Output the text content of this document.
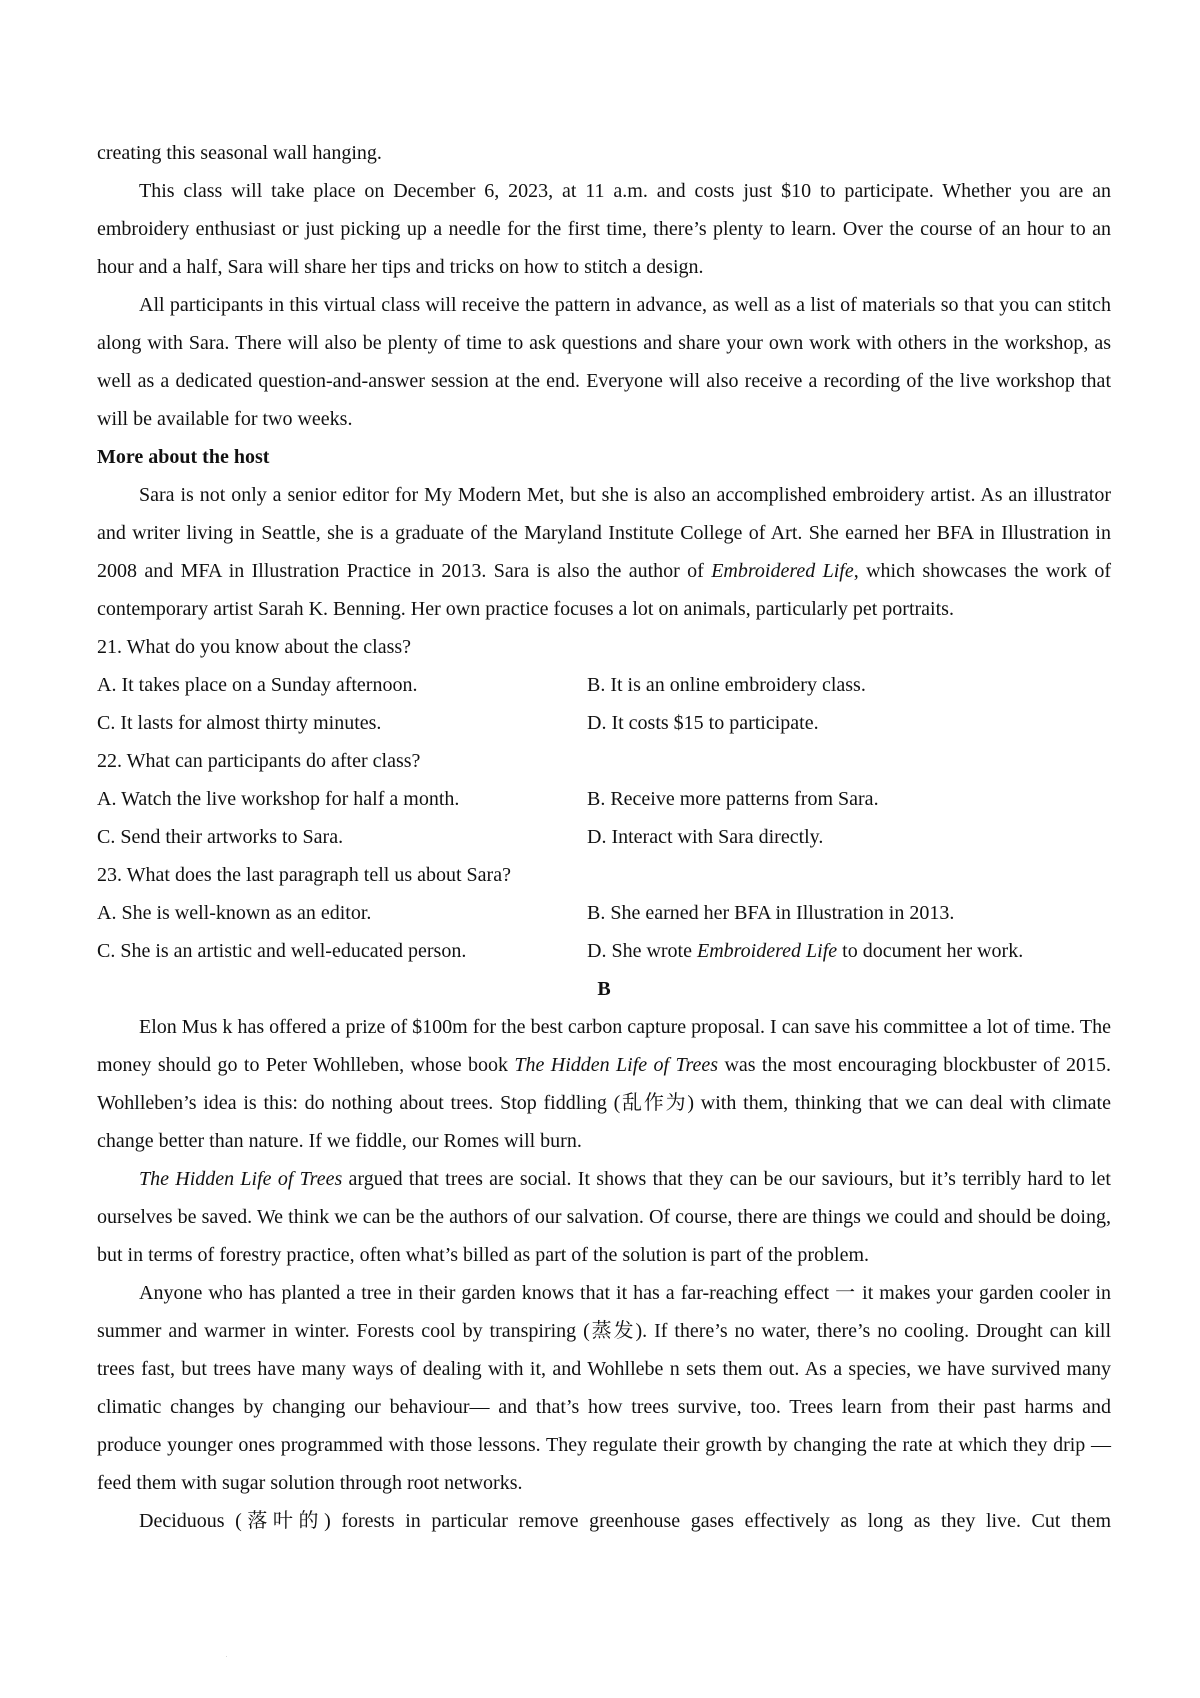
creating this seasonal wall hanging.

This class will take place on December 6, 2023, at 11 a.m. and costs just $10 to participate. Whether you are an embroidery enthusiast or just picking up a needle for the first time, there’s plenty to learn. Over the course of an hour to an hour and a half, Sara will share her tips and tricks on how to stitch a design.

All participants in this virtual class will receive the pattern in advance, as well as a list of materials so that you can stitch along with Sara. There will also be plenty of time to ask questions and share your own work with others in the workshop, as well as a dedicated question-and-answer session at the end. Everyone will also receive a recording of the live workshop that will be available for two weeks.

More about the host

Sara is not only a senior editor for My Modern Met, but she is also an accomplished embroidery artist. As an illustrator and writer living in Seattle, she is a graduate of the Maryland Institute College of Art. She earned her BFA in Illustration in 2008 and MFA in Illustration Practice in 2013. Sara is also the author of Embroidered Life, which showcases the work of contemporary artist Sarah K. Benning. Her own practice focuses a lot on animals, particularly pet portraits.

21. What do you know about the class?

A. It takes place on a Sunday afternoon.	B. It is an online embroidery class.
C. It lasts for almost thirty minutes.	D. It costs $15 to participate.

22. What can participants do after class?

A. Watch the live workshop for half a month.	B. Receive more patterns from Sara.
C. Send their artworks to Sara.	D. Interact with Sara directly.

23. What does the last paragraph tell us about Sara?

A. She is well-known as an editor.	B. She earned her BFA in Illustration in 2013.
C. She is an artistic and well-educated person.	D. She wrote Embroidered Life to document her work.

B

Elon Mus k has offered a prize of $100m for the best carbon capture proposal. I can save his committee a lot of time. The money should go to Peter Wohlleben, whose book The Hidden Life of Trees was the most encouraging blockbuster of 2015. Wohlleben’s idea is this: do nothing about trees. Stop fiddling (乱作为) with them, thinking that we can deal with climate change better than nature. If we fiddle, our Romes will burn.

The Hidden Life of Trees argued that trees are social. It shows that they can be our saviours, but it’s terribly hard to let ourselves be saved. We think we can be the authors of our salvation. Of course, there are things we could and should be doing, but in terms of forestry practice, often what’s billed as part of the solution is part of the problem.

Anyone who has planted a tree in their garden knows that it has a far-reaching effect 一 it makes your garden cooler in summer and warmer in winter. Forests cool by transpiring (蒸发). If there’s no water, there’s no cooling. Drought can kill trees fast, but trees have many ways of dealing with it, and Wohllebe n sets them out. As a species, we have survived many climatic changes by changing our behaviour— and that’s how trees survive, too. Trees learn from their past harms and produce younger ones programmed with those lessons. They regulate their growth by changing the rate at which they drip — feed them with sugar solution through root networks.

Deciduous (落叶的) forests in particular remove greenhouse gases effectively as long as they live. Cut them
